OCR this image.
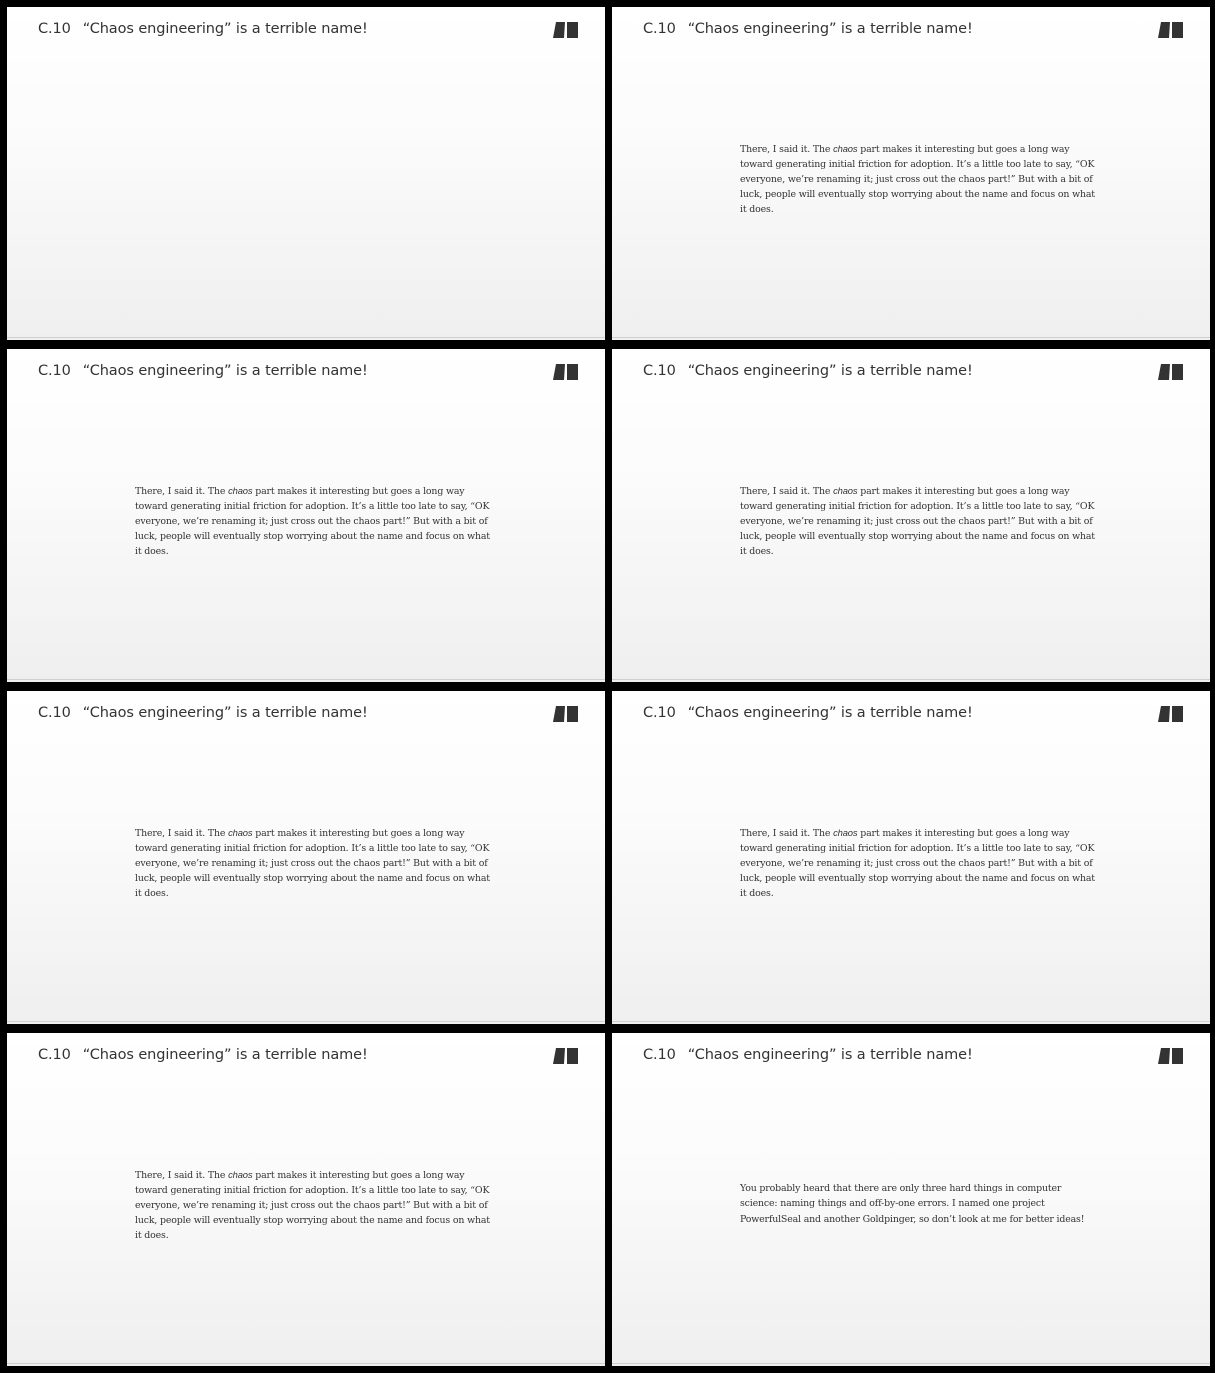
C.10 “Chaos engineering” is a terrible name!	C.10 “Chaos engineering” is a terrible name!
There, I said it. The chaos part makes it interesting but goes a long way toward generating initial friction for adoption. It’s a little too late to say, “OK everyone, we’re renaming it; just cross out the chaos part!” But with a bit of luck, people will eventually stop worrying about the name and focus on what it does.
C.10 “Chaos engineering” is a terrible name!
There, I said it. The chaos part makes it interesting but goes a long way toward generating initial friction for adoption. It’s a little too late to say, “OK everyone, we’re renaming it; just cross out the chaos part!” But with a bit of luck, people will eventually stop worrying about the name and focus on what it does.
C.10 “Chaos engineering” is a terrible name!
There, I said it. The chaos part makes it interesting but goes a long way toward generating initial friction for adoption. It’s a little too late to say, “OK everyone, we’re renaming it; just cross out the chaos part!” But with a bit of luck, people will eventually stop worrying about the name and focus on what it does.
C.10 “Chaos engineering” is a terrible name!
There, I said it. The chaos part makes it interesting but goes a long way toward generating initial friction for adoption. It’s a little too late to say, “OK everyone, we’re renaming it; just cross out the chaos part!” But with a bit of luck, people will eventually stop worrying about the name and focus on what it does.
C.10 “Chaos engineering” is a terrible name!
There, I said it. The chaos part makes it interesting but goes a long way toward generating initial friction for adoption. It’s a little too late to say, “OK everyone, we’re renaming it; just cross out the chaos part!” But with a bit of luck, people will eventually stop worrying about the name and focus on what it does.
C.10 “Chaos engineering” is a terrible name!
There, I said it. The chaos part makes it interesting but goes a long way toward generating initial friction for adoption. It’s a little too late to say, “OK everyone, we’re renaming it; just cross out the chaos part!” But with a bit of luck, people will eventually stop worrying about the name and focus on what it does.
C.10 “Chaos engineering” is a terrible name!
You probably heard that there are only three hard things in computer science: naming things and off-by-one errors. I named one project PowerfulSeal and another Goldpinger, so don’t look at me for better ideas!
